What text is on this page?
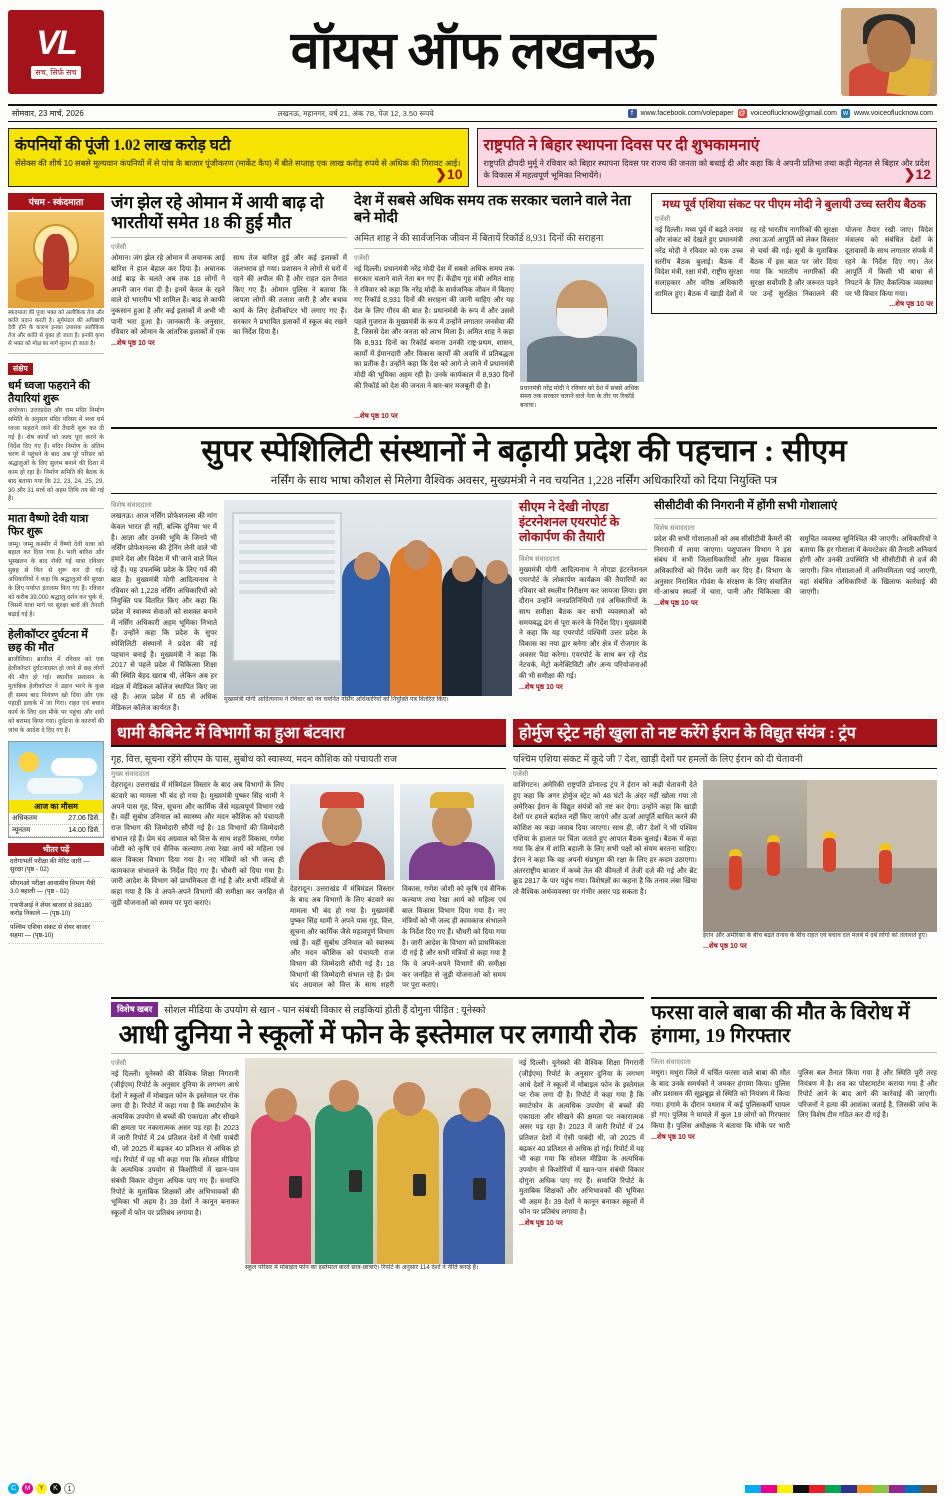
VL
सच, सिर्फ़ सच	वॉयस ऑफ लखनऊ
सोमवार, 23 मार्च, 2026	लखनऊ, महानगर, वर्ष 21, अंक 78, पेज 12, 3.50 रूपये	f	www.facebook.com/volepaper @ voiceoflucknow@gmail.com w www.voiceoflucknow.com
कंपनियों की पूंजी 1.02 लाख करोड़ घटी

सेंसेक्स की शीर्ष 10 सबसे मूल्यवान कंपनियों में से पांच के बाजार पूंजीकरण (मार्केट कैप) में बीते सप्ताह एक लाख करोड़ रुपये से अधिक की गिरावट आई।

❯10
राष्ट्रपति ने बिहार स्थापना दिवस पर दी शुभकामनाएं

राष्ट्रपति द्रौपदी मुर्मू ने रविवार को बिहार स्थापना दिवस पर राज्य की जनता को बधाई दी और कहा कि वे अपनी प्रतिभा तथा कड़ी मेहनत से बिहार और प्रदेश के विकास में महत्वपूर्ण भूमिका निभायेंगे।	❯12
पंचम - स्कंदमाता
स्कंदमाता की पूजा भक्त को अलौकिक तेज और कांति प्रदान करती है। सूर्यमंडल की अधिष्ठात्री देवी होने के कारण इनका उपासक अलौकिक तेज और कांति से युक्त हो जाता है। इनकी कृपा से भक्त को मोक्ष का मार्ग सुलभ हो जाता है।
संक्षेप
धर्म ध्वजा फहराने की तैयारियां शुरू
अयोध्या। उत्तरप्रदेश और राम मंदिर निर्माण समिति के अनुसार मंदिर परिसर में भव्य धर्म ध्वजा फहराने जाने की तैयारी शुरू कर दी गई है। शेष कार्यों को जल्द पूरा करने के निर्देश दिए गए हैं। मंदिर निर्माण के अंतिम चरण में पहुंचने के बाद अब पूरे परिसर को श्रद्धालुओं के लिए सुलभ बनाने की दिशा में काम हो रहा है। निर्माण समिति की बैठक के बाद बताया गया कि 22, 23, 24, 25, 29, 30 और 31 मार्च को अहम तिथि तय की गई है।
माता वैष्णो देवी यात्रा फिर शुरू
जम्मू। जम्मू कश्मीर में वैष्णो देवी यात्रा को बहाल कर दिया गया है। भारी बारिश और भूस्खलन के बाद रोकी गई यात्रा रविवार सुबह से फिर से शुरू कर दी गई। अधिकारियों ने कहा कि श्रद्धालुओं की सुरक्षा के लिए पर्याप्त इंतजाम किए गए हैं। रविवार को करीब 39,000 श्रद्धालु दर्शन कर चुके थे, जिसमें यात्रा मार्ग पर सुरक्षा बलों की तैनाती बढ़ाई गई है।
हेलीकॉप्टर दुर्घटना में छह की मौत
ब्राजीलिया। ब्राजील में रविवार को एक हेलीकॉप्टर दुर्घटनाग्रस्त हो जाने से छह लोगों की मौत हो गई। स्थानीय प्रशासन के मुताबिक हेलीकॉप्टर ने उड़ान भरने के कुछ ही समय बाद नियंत्रण खो दिया और एक पहाड़ी इलाके में जा गिरा। राहत एवं बचाव कार्य के लिए दल मौके पर पहुंचा और शवों को बरामद किया गया। दुर्घटना के कारणों की जांच के आदेश दे दिए गए हैं।
आज का मौसम
अधिकतम	27.06 डिसे.
न्यूनतम	14.00 डिसे.
भीतर पढ़ें
दरोगाभर्ती परीक्षा की मेरिट जारी — सुरक्षा (पृष्ठ - 02)
सीएमओ परीक्षा आवासीय विभाग मैत्री 3.0 बहाली — (पृष्ठ - 02)
एफपीआई ने शेयर बाजार से 88180 करोड़ निकाले — (पृष्ठ-10)
पश्चिम एशिया संकट से शेयर बाजार सहमा — (पृष्ठ-10)
जंग झेल रहे ओमान में आयी बाढ़ दो भारतीयों समेत 18 की हुई मौत
एजेंसी
ओमान। जंग झेल रहे ओमान में अचानक आई बारिश ने हाल बेहाल कर दिया है। अचानक आई बाढ़ के चलते अब तक 18 लोगों ने अपनी जान गंवा दी है। इनमें केरल के रहने वाले दो भारतीय भी शामिल हैं। बाढ़ से काफी नुकसान हुआ है और कई इलाकों में अभी भी पानी भरा हुआ है। जानकारी के अनुसार, रविवार को ओमान के आंतरिक इलाकों में एक साथ तेज बारिश हुई और कई इलाकों में जलभराव हो गया। प्रशासन ने लोगों से घरों में रहने की अपील की है और राहत दल तैनात किए गए हैं। ओमान पुलिस ने बताया कि लापता लोगों की तलाश जारी है और बचाव कार्य के लिए हेलीकॉप्टर भी लगाए गए हैं। सरकार ने प्रभावित इलाकों में स्कूल बंद रखने का निर्देश दिया है।
...शेष पृष्ठ 10 पर
देश में सबसे अधिक समय तक सरकार चलाने वाले नेता बने मोदी
अमित शाह ने की सार्वजनिक जीवन में बितायें रिकॉर्ड 8,931 दिनों की सराहना
एजेंसी
नई दिल्ली। प्रधानमंत्री नरेंद्र मोदी देश में सबसे अधिक समय तक सरकार चलाने वाले नेता बन गए हैं। केंद्रीय गृह मंत्री अमित शाह ने रविवार को कहा कि नरेंद्र मोदी के सार्वजनिक जीवन में बिताए गए रिकॉर्ड 8,931 दिनों की सराहना की जानी चाहिए और यह देश के लिए गौरव की बात है। प्रधानमंत्री के रूप में और उससे पहले गुजरात के मुख्यमंत्री के रूप में उन्होंने लगातार जनसेवा की है, जिससे देश और जनता को लाभ मिला है। अमित शाह ने कहा कि 8,931 दिनों का रिकॉर्ड बनाना उनकी राष्ट्र-प्रथम, शासन, कार्यों में ईमानदारी और विकास कार्यों की अवधि में प्रतिबद्धता का प्रतीक है। उन्होंने कहा कि देश को आगे ले जाने में प्रधानमंत्री मोदी की भूमिका अहम रही है। उनके कार्यकाल में 8,930 दिनों की रिकॉर्ड को देश की जनता ने बार-बार मजबूती दी है।	प्रधानमंत्री नरेंद्र मोदी ने रविवार को देश में सबसे अधिक समय तक सरकार चलाने वाले नेता के तौर पर रिकॉर्ड बनाया।
...शेष पृष्ठ 10 पर
मध्य पूर्व एशिया संकट पर पीएम मोदी ने बुलायी उच्च स्तरीय बैठक
एजेंसी
नई दिल्ली। मध्य पूर्व में बढ़ते तनाव और संकट को देखते हुए प्रधानमंत्री नरेंद्र मोदी ने रविवार को एक उच्च स्तरीय बैठक बुलाई। बैठक में विदेश मंत्री, रक्षा मंत्री, राष्ट्रीय सुरक्षा सलाहकार और वरिष्ठ अधिकारी शामिल हुए। बैठक में खाड़ी देशों में रह रहे भारतीय नागरिकों की सुरक्षा तथा ऊर्जा आपूर्ति को लेकर विस्तार से चर्चा की गई। सूत्रों के मुताबिक बैठक में इस बात पर जोर दिया गया कि भारतीय नागरिकों की सुरक्षा सर्वोपरि है और जरूरत पड़ने पर उन्हें सुरक्षित निकालने की योजना तैयार रखी जाए। विदेश मंत्रालय को संबंधित देशों के दूतावासों के साथ लगातार संपर्क में रहने के निर्देश दिए गए। तेल आपूर्ति में किसी भी बाधा से निपटने के लिए वैकल्पिक व्यवस्था पर भी विचार किया गया।
...शेष पृष्ठ 10 पर
सुपर स्पेशिलिटी संस्थानों ने बढ़ायी प्रदेश की पहचान : सीएम
नर्सिंग के साथ भाषा कौशल से मिलेगा वैश्विक अवसर, मुख्यमंत्री ने नव चयनित 1,228 नर्सिंग अधिकारियों को दिया नियुक्ति पत्र
विशेष संवाददाता
लखनऊ। आज नर्सिंग प्रोफेशनल्स की मांग केवल भारत ही नहीं, बल्कि दुनिया भर में है। आज्ञा और उनकी भूमि के जिनपे भी नर्सिंग प्रोफेशनल्स की ट्रेनिंग लेनी वाले भी हमारे देश और विदेश में भी जाने वाले मिल रहे हैं। यह उपलब्धि प्रदेश के लिए गर्व की बात है। मुख्यमंत्री योगी आदित्यनाथ ने रविवार को 1,228 नर्सिंग अधिकारियों को नियुक्ति पत्र वितरित किए और कहा कि प्रदेश में स्वास्थ्य सेवाओं को सशक्त बनाने में नर्सिंग अधिकारी अहम भूमिका निभाते हैं। उन्होंने कहा कि प्रदेश के सुपर स्पेशिलिटी संस्थानों ने प्रदेश की नई पहचान बनाई है। मुख्यमंत्री ने कहा कि 2017 से पहले प्रदेश में चिकित्सा शिक्षा की स्थिति बेहद खराब थी, लेकिन अब हर मंडल में मेडिकल कॉलेज स्थापित किए जा रहे हैं। आज प्रदेश में 65 से अधिक मेडिकल कॉलेज कार्यरत हैं।
मुख्यमंत्री योगी आदित्यनाथ ने रविवार को नव चयनित नर्सिंग अधिकारियों को नियुक्ति पत्र वितरित किए।
सीएम ने देखी नोएडा इंटरनेशनल एयरपोर्ट के लोकार्पण की तैयारी
विशेष संवाददाता
मुख्यमंत्री योगी आदित्यनाथ ने नोएडा इंटरनेशनल एयरपोर्ट के लोकार्पण कार्यक्रम की तैयारियों का रविवार को स्थलीय निरीक्षण कर जायजा लिया। इस दौरान उन्होंने जनप्रतिनिधियों एवं अधिकारियों के साथ समीक्षा बैठक कर सभी व्यवस्थाओं को समयबद्ध ढंग से पूरा करने के निर्देश दिए। मुख्यमंत्री ने कहा कि यह एयरपोर्ट पश्चिमी उत्तर प्रदेश के विकास का नया द्वार बनेगा और क्षेत्र में रोजगार के अवसर पैदा करेगा। एयरपोर्ट के साथ बन रहे रोड नेटवर्क, मेट्रो कनेक्टिविटी और अन्य परियोजनाओं की भी समीक्षा की गई।
...शेष पृष्ठ 10 पर
सीसीटीवी की निगरानी में होंगी सभी गोशालाएं
विशेष संवाददाता
प्रदेश की सभी गोशालाओं को अब सीसीटीवी कैमरों की निगरानी में लाया जाएगा। पशुपालन विभाग ने इस संबंध में सभी जिलाधिकारियों और मुख्य विकास अधिकारियों को निर्देश जारी कर दिए हैं। विभाग के अनुसार निराश्रित गोवंश के संरक्षण के लिए संचालित गो-आश्रय स्थलों में चारा, पानी और चिकित्सा की समुचित व्यवस्था सुनिश्चित की जाएगी। अधिकारियों ने बताया कि हर गोशाला में केयरटेकर की तैनाती अनिवार्य होगी और उनकी उपस्थिति भी सीसीटीवी से दर्ज की जाएगी। जिन गोशालाओं में अनियमितता पाई जाएगी, वहां संबंधित अधिकारियों के खिलाफ कार्रवाई की जाएगी।
...शेष पृष्ठ 10 पर
धामी कैबिनेट में विभागों का हुआ बंटवारा
गृह, वित्त, सूचना रहेंगे सीएम के पास, सुबोध को स्वास्थ्य, मदन कौशिक को पंचायती राज
मुख्य संवाददाता
देहरादून। उत्तराखंड में मंत्रिमंडल विस्तार के बाद अब विभागों के लिए बंटवारे का मामला भी बंद हो गया है। मुख्यमंत्री पुष्कर सिंह धामी ने अपने पास गृह, वित्त, सूचना और कार्मिक जैसे महत्वपूर्ण विभाग रखे हैं। वहीं सुबोध उनियाल को स्वास्थ्य और मदन कौशिक को पंचायती राज विभाग की जिम्मेदारी सौंपी गई है। 18 विभागों की जिम्मेदारी संभाल रहे हैं। प्रेम चंद अग्रवाल को वित्त के साथ शहरी विकास, गणेश जोशी को कृषि एवं सैनिक कल्याण तथा रेखा आर्य को महिला एवं बाल विकास विभाग दिया गया है। नए मंत्रियों को भी जल्द ही कामकाज संभालने के निर्देश दिए गए हैं। चौधरी को दिया गया है। जारी आदेश के विभाग को प्राथमिकता दी गई है और सभी मंत्रियों से कहा गया है कि वे अपने-अपने विभागों की समीक्षा कर जनहित से जुड़ी योजनाओं को समय पर पूरा कराएं।
देहरादून। उत्तराखंड में मंत्रिमंडल विस्तार के बाद अब विभागों के लिए बंटवारे का मामला भी बंद हो गया है। मुख्यमंत्री पुष्कर सिंह धामी ने अपने पास गृह, वित्त, सूचना और कार्मिक जैसे महत्वपूर्ण विभाग रखे हैं। वहीं सुबोध उनियाल को स्वास्थ्य और मदन कौशिक को पंचायती राज विभाग की जिम्मेदारी सौंपी गई है। 18 विभागों की जिम्मेदारी संभाल रहे हैं। प्रेम चंद अग्रवाल को वित्त के साथ शहरी विकास, गणेश जोशी को कृषि एवं सैनिक कल्याण तथा रेखा आर्य को महिला एवं बाल विकास विभाग दिया गया है। नए मंत्रियों को भी जल्द ही कामकाज संभालने के निर्देश दिए गए हैं। चौधरी को दिया गया है। जारी आदेश के विभाग को प्राथमिकता दी गई है और सभी मंत्रियों से कहा गया है कि वे अपने-अपने विभागों की समीक्षा कर जनहित से जुड़ी योजनाओं को समय पर पूरा कराएं।
होर्मुज स्ट्रेट नही खुला तो नष्ट करेंगे ईरान के विद्युत संयंत्र : ट्रंप
पश्चिम एशिया संकट में कूदे जी 7 देश, खाड़ी देशों पर हमलों के लिए ईरान को दी चेतावनी
एजेंसी
वाशिंगटन। अमेरिकी राष्ट्रपति डोनाल्ड ट्रंप ने ईरान को कड़ी चेतावनी देते हुए कहा कि अगर होर्मुज स्ट्रेट को 48 घंटों के अंदर नहीं खोला गया तो अमेरिका ईरान के विद्युत संयंत्रों को नष्ट कर देगा। उन्होंने कहा कि खाड़ी देशों पर हमले बर्दाश्त नहीं किए जाएंगे और ऊर्जा आपूर्ति बाधित करने की कोशिश का कड़ा जवाब दिया जाएगा। साथ ही, जी7 देशों ने भी पश्चिम एशिया के हालात पर चिंता जताते हुए आपात बैठक बुलाई। बैठक में कहा गया कि क्षेत्र में शांति बहाली के लिए सभी पक्षों को संयम बरतना चाहिए। ईरान ने कहा कि वह अपनी संप्रभुता की रक्षा के लिए हर कदम उठाएगा। अंतरराष्ट्रीय बाजार में कच्चे तेल की कीमतों में तेजी दर्ज की गई और ब्रेंट क्रूड 2817 के पार पहुंच गया। विशेषज्ञों का कहना है कि तनाव लंबा खिंचा तो वैश्विक अर्थव्यवस्था पर गंभीर असर पड़ सकता है।
ईरान और अमेरिका के बीच बढ़ते तनाव के बीच राहत एवं बचाव दल मलबे में दबे लोगों को तलाशते हुए।
...शेष पृष्ठ 10 पर
विशेष खबर	सोशल मीडिया के उपयोग से खान - पान संबंधी विकार से लड़कियां होती हैं दोगुना पीड़ित : यूनेस्को
आधी दुनिया ने स्कूलों में फोन के इस्तेमाल पर लगायी रोक
एजेंसी
नई दिल्ली। यूनेस्को की वैश्विक शिक्षा निगरानी (जीईएम) रिपोर्ट के अनुसार दुनिया के लगभग आधे देशों ने स्कूलों में मोबाइल फोन के इस्तेमाल पर रोक लगा दी है। रिपोर्ट में कहा गया है कि स्मार्टफोन के अत्यधिक उपयोग से बच्चों की एकाग्रता और सीखने की क्षमता पर नकारात्मक असर पड़ रहा है। 2023 में जारी रिपोर्ट में 24 प्रतिशत देशों में ऐसी पाबंदी थी, जो 2025 में बढ़कर 40 प्रतिशत से अधिक हो गई। रिपोर्ट में यह भी कहा गया कि सोशल मीडिया के अत्यधिक उपयोग से किशोरियों में खान-पान संबंधी विकार दोगुना अधिक पाए गए हैं। समाप्ति रिपोर्ट के मुताबिक शिक्षकों और अभिभावकों की भूमिका भी अहम है। 39 देशों ने कानून बनाकर स्कूलों में फोन पर प्रतिबंध लगाया है।
स्कूल परिसर में मोबाइल फोन का इस्तेमाल करते छात्र-छात्राएं। रिपोर्ट के अनुसार 114 देशों ने नीति बनाई है।
नई दिल्ली। यूनेस्को की वैश्विक शिक्षा निगरानी (जीईएम) रिपोर्ट के अनुसार दुनिया के लगभग आधे देशों ने स्कूलों में मोबाइल फोन के इस्तेमाल पर रोक लगा दी है। रिपोर्ट में कहा गया है कि स्मार्टफोन के अत्यधिक उपयोग से बच्चों की एकाग्रता और सीखने की क्षमता पर नकारात्मक असर पड़ रहा है। 2023 में जारी रिपोर्ट में 24 प्रतिशत देशों में ऐसी पाबंदी थी, जो 2025 में बढ़कर 40 प्रतिशत से अधिक हो गई। रिपोर्ट में यह भी कहा गया कि सोशल मीडिया के अत्यधिक उपयोग से किशोरियों में खान-पान संबंधी विकार दोगुना अधिक पाए गए हैं। समाप्ति रिपोर्ट के मुताबिक शिक्षकों और अभिभावकों की भूमिका भी अहम है। 39 देशों ने कानून बनाकर स्कूलों में फोन पर प्रतिबंध लगाया है।
...शेष पृष्ठ 10 पर
फरसा वाले बाबा की मौत के विरोध में हंगामा, 19 गिरफ्तार
जिला संवाददाता
मथुरा। मथुरा जिले में चर्चित फरसा वाले बाबा की मौत के बाद उनके समर्थकों ने जमकर हंगामा किया। पुलिस और प्रशासन की सूझबूझ से स्थिति को नियंत्रण में किया गया। हंगामे के दौरान पथराव में कई पुलिसकर्मी घायल हो गए। पुलिस ने मामले में कुल 19 लोगों को गिरफ्तार किया है। पुलिस अधीक्षक ने बताया कि मौके पर भारी पुलिस बल तैनात किया गया है और स्थिति पूरी तरह नियंत्रण में है। शव का पोस्टमार्टम कराया गया है और रिपोर्ट आने के बाद आगे की कार्रवाई की जाएगी। परिजनों ने हत्या की आशंका जताई है, जिसकी जांच के लिए विशेष टीम गठित कर दी गई है।
...शेष पृष्ठ 10 पर
C	M	Y	K	1
